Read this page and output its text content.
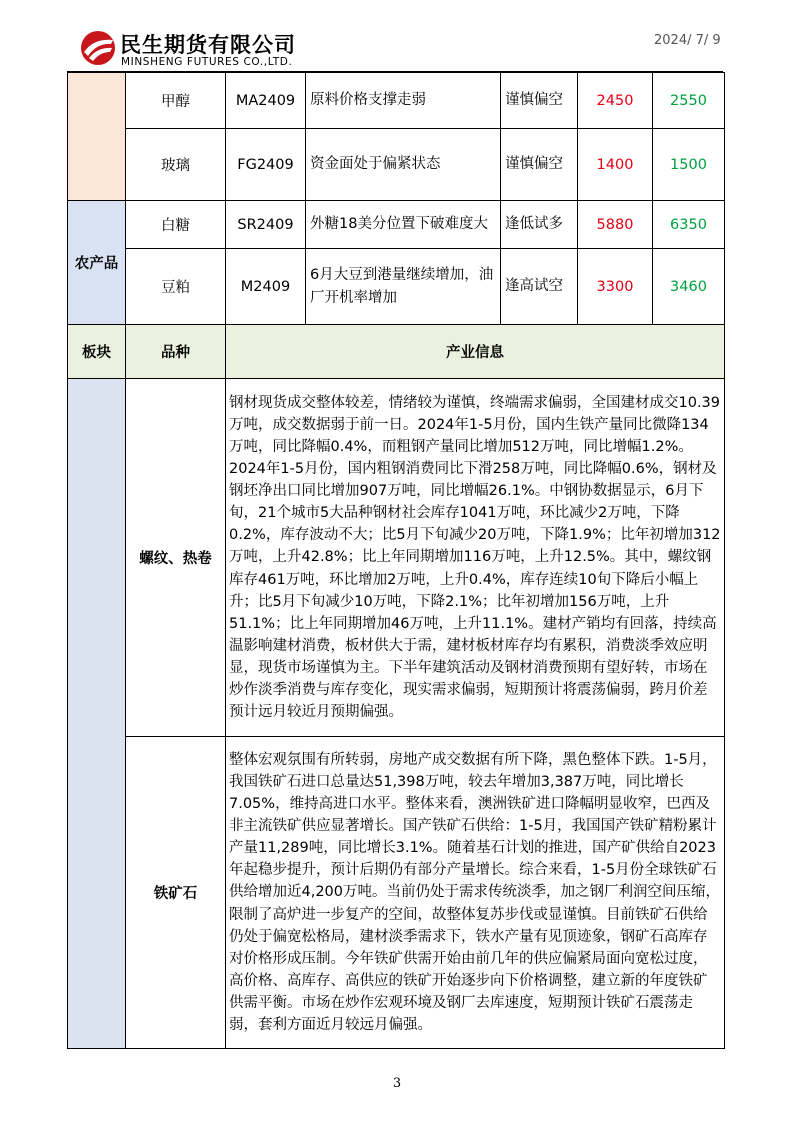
民生期货有限公司
MINSHENG FUTURES CO.,LTD.
2024/ 7/ 9
	甲醇	MA2409	原料价格支撑走弱	谨慎偏空	2450	2550
	玻璃	FG2409	资金面处于偏紧状态	谨慎偏空	1400	1500
农产品	白糖	SR2409	外糖18美分位置下破难度大	逢低试多	5880	6350
	豆粕	M2409	6月大豆到港量继续增加，油厂开机率增加	逢高试空	3300	3460
板块	品种	产业信息				
	螺纹、热卷	钢材现货成交整体较差，情绪较为谨慎，终端需求偏弱，全国建材成交10.39万吨，成交数据弱于前一日。2024年1-5月份，国内生铁产量同比微降134万吨，同比降幅0.4%，而粗钢产量同比增加512万吨，同比增幅1.2%。2024年1-5月份，国内粗钢消费同比下滑258万吨，同比降幅0.6%，钢材及钢坯净出口同比增加907万吨，同比增幅26.1%。中钢协数据显示，6月下旬，21个城市5大品种钢材社会库存1041万吨，环比减少2万吨，下降0.2%，库存波动不大；比5月下旬减少20万吨，下降1.9%；比年初增加312万吨，上升42.8%；比上年同期增加116万吨，上升12.5%。其中，螺纹钢库存461万吨，环比增加2万吨，上升0.4%，库存连续10旬下降后小幅上升；比5月下旬减少10万吨，下降2.1%；比年初增加156万吨，上升51.1%；比上年同期增加46万吨，上升11.1%。建材产销均有回落，持续高温影响建材消费，板材供大于需，建材板材库存均有累积，消费淡季效应明显，现货市场谨慎为主。下半年建筑活动及钢材消费预期有望好转，市场在炒作淡季消费与库存变化，现实需求偏弱，短期预计将震荡偏弱，跨月价差预计远月较近月预期偏强。				
	铁矿石	整体宏观氛围有所转弱，房地产成交数据有所下降，黑色整体下跌。1-5月，我国铁矿石进口总量达51,398万吨，较去年增加3,387万吨，同比增长7.05%，维持高进口水平。整体来看，澳洲铁矿进口降幅明显收窄，巴西及非主流铁矿供应显著增长。国产铁矿石供给：1-5月，我国国产铁矿精粉累计产量11,289吨，同比增长3.1%。随着基石计划的推进，国产矿供给自2023年起稳步提升，预计后期仍有部分产量增长。综合来看，1-5月份全球铁矿石供给增加近4,200万吨。当前仍处于需求传统淡季，加之钢厂利润空间压缩，限制了高炉进一步复产的空间，故整体复苏步伐或显谨慎。目前铁矿石供给仍处于偏宽松格局，建材淡季需求下，铁水产量有见顶迹象，钢矿石高库存对价格形成压制。今年铁矿供需开始由前几年的供应偏紧局面向宽松过度，高价格、高库存、高供应的铁矿开始逐步向下价格调整，建立新的年度铁矿供需平衡。市场在炒作宏观环境及钢厂去库速度，短期预计铁矿石震荡走弱，套利方面近月较远月偏强。				
3
